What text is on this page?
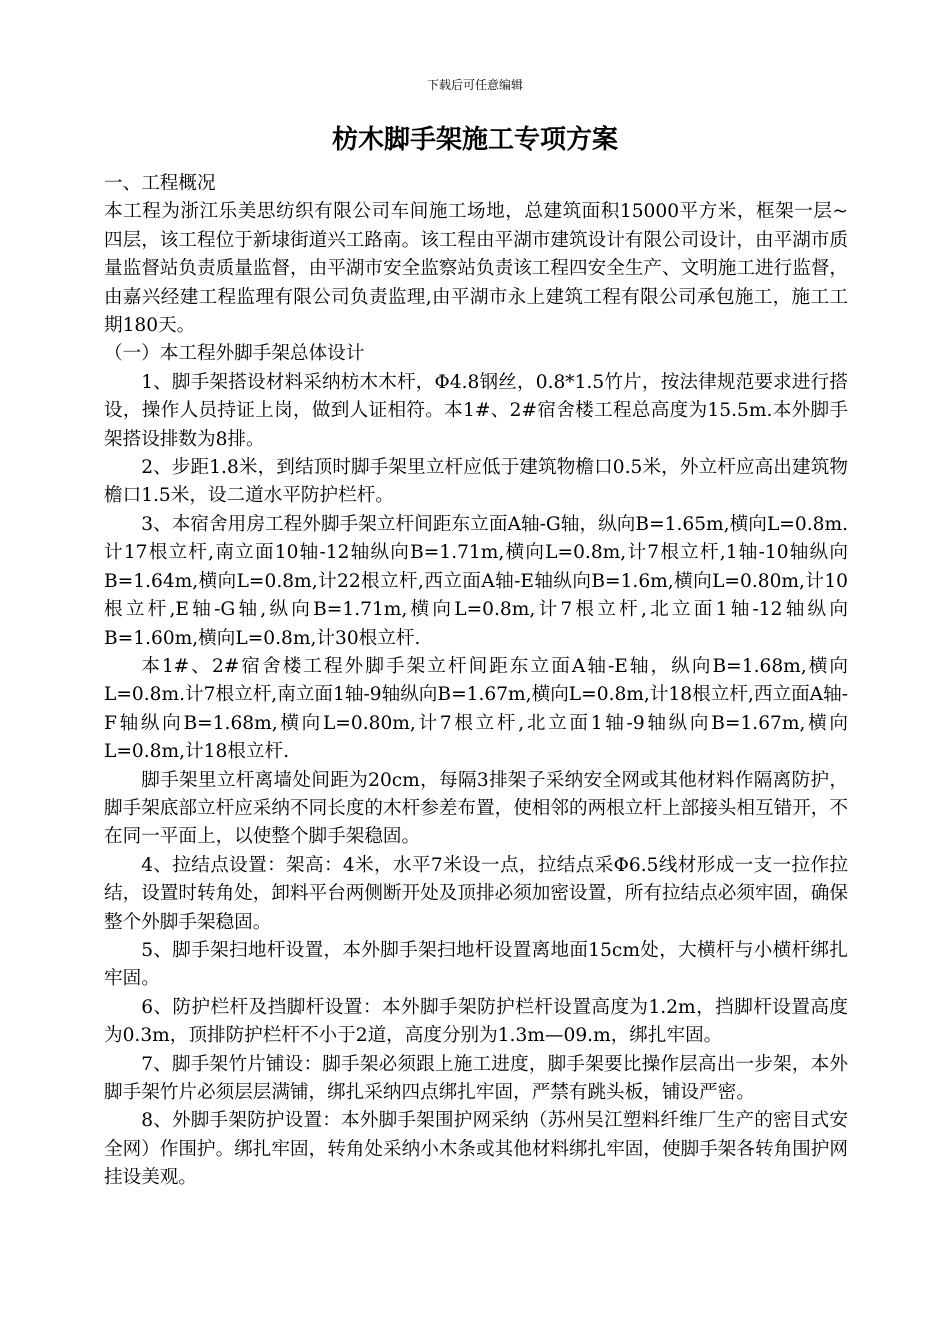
下载后可任意编辑
枋木脚手架施工专项方案

一、工程概况

本工程为浙江乐美思纺织有限公司车间施工场地，总建筑面积15000平方米，框架一层~四层，该工程位于新埭街道兴工路南。该工程由平湖市建筑设计有限公司设计，由平湖市质量监督站负责质量监督，由平湖市安全监察站负责该工程四安全生产、文明施工进行监督，由嘉兴经建工程监理有限公司负责监理,由平湖市永上建筑工程有限公司承包施工，施工工期180天。

（一）本工程外脚手架总体设计

1、脚手架搭设材料采纳枋木木杆，Φ4.8钢丝，0.8*1.5竹片，按法律规范要求进行搭设，操作人员持证上岗，做到人证相符。本1#、2#宿舍楼工程总高度为15.5m.本外脚手架搭设排数为8排。

2、步距1.8米，到结顶时脚手架里立杆应低于建筑物檐口0.5米，外立杆应高出建筑物檐口1.5米，设二道水平防护栏杆。

3、本宿舍用房工程外脚手架立杆间距东立面A轴-G轴，纵向B=1.65m,横向L=0.8m.计17根立杆,南立面10轴-12轴纵向B=1.71m,横向L=0.8m,计7根立杆,1轴-10轴纵向B=1.64m,横向L=0.8m,计22根立杆,西立面A轴-E轴纵向B=1.6m,横向L=0.80m,计10根立杆,E轴-G轴,纵向B=1.71m,横向L=0.8m,计7根立杆,北立面1轴-12轴纵向B=1.60m,横向L=0.8m,计30根立杆.

本1#、2#宿舍楼工程外脚手架立杆间距东立面A轴-E轴，纵向B=1.68m,横向L=0.8m.计7根立杆,南立面1轴-9轴纵向B=1.67m,横向L=0.8m,计18根立杆,西立面A轴-F轴纵向B=1.68m,横向L=0.80m,计7根立杆,北立面1轴-9轴纵向B=1.67m,横向L=0.8m,计18根立杆.

脚手架里立杆离墙处间距为20cm，每隔3排架子采纳安全网或其他材料作隔离防护，脚手架底部立杆应采纳不同长度的木杆参差布置，使相邻的两根立杆上部接头相互错开，不在同一平面上，以使整个脚手架稳固。

4、拉结点设置：架高：4米，水平7米设一点，拉结点采Φ6.5线材形成一支一拉作拉结，设置时转角处，卸料平台两侧断开处及顶排必须加密设置，所有拉结点必须牢固，确保整个外脚手架稳固。

5、脚手架扫地杆设置，本外脚手架扫地杆设置离地面15cm处，大横杆与小横杆绑扎牢固。

6、防护栏杆及挡脚杆设置：本外脚手架防护栏杆设置高度为1.2m，挡脚杆设置高度为0.3m，顶排防护栏杆不小于2道，高度分别为1.3m—09.m，绑扎牢固。

7、脚手架竹片铺设：脚手架必须跟上施工进度，脚手架要比操作层高出一步架，本外脚手架竹片必须层层满铺，绑扎采纳四点绑扎牢固，严禁有跳头板，铺设严密。

8、外脚手架防护设置：本外脚手架围护网采纳（苏州吴江塑料纤维厂生产的密目式安全网）作围护。绑扎牢固，转角处采纳小木条或其他材料绑扎牢固，使脚手架各转角围护网挂设美观。
